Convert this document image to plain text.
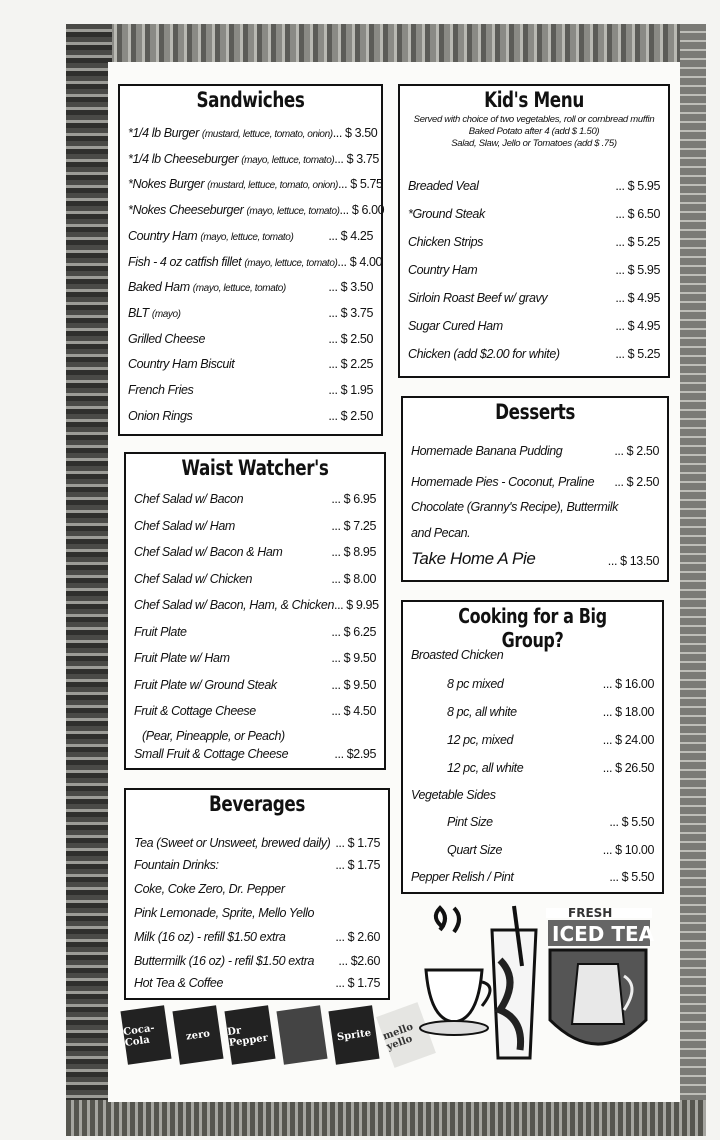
Sandwiches
*1/4 lb Burger (mustard, lettuce, tomato, onion) ... $ 3.50
*1/4 lb Cheeseburger (mayo, lettuce, tomato) ... $ 3.75
*Nokes Burger (mustard, lettuce, tomato, onion) ... $ 5.75
*Nokes Cheeseburger (mayo, lettuce, tomato) ... $ 6.00
Country Ham (mayo, lettuce, tomato)	... $ 4.25
Fish - 4 oz catfish fillet (mayo, lettuce, tomato) ... $ 4.00
Baked Ham (mayo, lettuce, tomato)	... $ 3.50
BLT (mayo)	... $ 3.75
Grilled Cheese	... $ 2.50
Country Ham Biscuit	... $ 2.25
French Fries	... $ 1.95
Onion Rings	... $ 2.50
Kid's Menu
Served with choice of two vegetables, roll or cornbread muffin
Baked Potato after 4 (add $ 1.50)
Salad, Slaw, Jello or Tomatoes (add $ .75)
Breaded Veal	... $ 5.95
*Ground Steak	... $ 6.50
Chicken Strips	... $ 5.25
Country Ham	... $ 5.95
Sirloin Roast Beef w/ gravy	... $ 4.95
Sugar Cured Ham	... $ 4.95
Chicken (add $2.00 for white)	... $ 5.25
Desserts
Homemade Banana Pudding	... $ 2.50
Homemade Pies - Coconut, Praline	... $ 2.50
Chocolate (Granny's Recipe), Buttermilk
and Pecan.
Take Home A Pie	... $ 13.50
Waist Watcher's
Chef Salad w/ Bacon	... $ 6.95
Chef Salad w/ Ham	... $ 7.25
Chef Salad w/ Bacon & Ham	... $ 8.95
Chef Salad w/ Chicken	... $ 8.00
Chef Salad w/ Bacon, Ham, & Chicken ... $ 9.95
Fruit Plate	... $ 6.25
Fruit Plate w/ Ham	... $ 9.50
Fruit Plate w/ Ground Steak	... $ 9.50
Fruit & Cottage Cheese	... $ 4.50
(Pear, Pineapple, or Peach)
Small Fruit & Cottage Cheese	... $2.95
Cooking for a Big Group?
Broasted Chicken
8 pc mixed	... $ 16.00
8 pc, all white	... $ 18.00
12 pc, mixed	... $ 24.00
12 pc, all white	... $ 26.50
Vegetable Sides
Pint Size	... $ 5.50
Quart Size	... $ 10.00
Pepper Relish / Pint	... $ 5.50
Beverages
Tea (Sweet or Unsweet, brewed daily)	... $ 1.75
Fountain Drinks:	... $ 1.75
Coke, Coke Zero, Dr. Pepper
Pink Lemonade, Sprite, Mello Yello
Milk (16 oz) - refill $1.50 extra	... $ 2.60
Buttermilk (16 oz) - refil $1.50 extra	... $2.60
Hot Tea & Coffee	... $ 1.75
Coca-Cola	zero	Dr Pepper	Sprite mello yello
FRESH
ICED TEA
